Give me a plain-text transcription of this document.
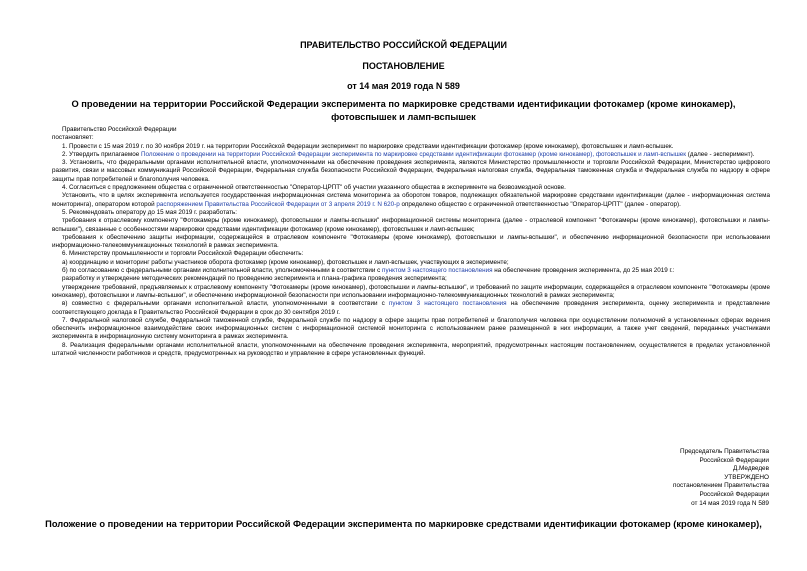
ПРАВИТЕЛЬСТВО РОССИЙСКОЙ ФЕДЕРАЦИИ
ПОСТАНОВЛЕНИЕ
от 14 мая 2019 года N 589
О проведении на территории Российской Федерации эксперимента по маркировке средствами идентификации фотокамер (кроме кинокамер), фотовспышек и ламп-вспышек

Правительство Российской Федерации

постановляет:

1. Провести с 15 мая 2019 г. по 30 ноября 2019 г. на территории Российской Федерации эксперимент по маркировке средствами идентификации фотокамер (кроме кинокамер), фотовспышек и ламп-вспышек.

2. Утвердить прилагаемое Положение о проведении на территории Российской Федерации эксперимента по маркировке средствами идентификации фотокамер (кроме кинокамер), фотовспышек и ламп-вспышек (далее - эксперимент).

3. Установить, что федеральными органами исполнительной власти, уполномоченными на обеспечение проведения эксперимента, являются Министерство промышленности и торговли Российской Федерации, Министерство цифрового развития, связи и массовых коммуникаций Российской Федерации, Федеральная служба безопасности Российской Федерации, Федеральная налоговая служба, Федеральная таможенная служба и Федеральная служба по надзору в сфере защиты прав потребителей и благополучия человека.

4. Согласиться с предложением общества с ограниченной ответственностью "Оператор-ЦРПТ" об участии указанного общества в эксперименте на безвозмездной основе.

Установить, что в целях эксперимента используется государственная информационная система мониторинга за оборотом товаров, подлежащих обязательной маркировке средствами идентификации (далее - информационная система мониторинга), оператором которой распоряжением Правительства Российской Федерации от 3 апреля 2019 г. N 620-р определено общество с ограниченной ответственностью "Оператор-ЦРПТ" (далее - оператор).

5. Рекомендовать оператору до 15 мая 2019 г. разработать:

требования к отраслевому компоненту "Фотокамеры (кроме кинокамер), фотовспышки и лампы-вспышки" информационной системы мониторинга (далее - отраслевой компонент "Фотокамеры (кроме кинокамер), фотовспышки и лампы-вспышки"), связанные с особенностями маркировки средствами идентификации фотокамер (кроме кинокамер), фотовспышек и ламп-вспышек;

требования к обеспечению защиты информации, содержащейся в отраслевом компоненте "Фотокамеры (кроме кинокамер), фотовспышки и лампы-вспышки", и обеспечению информационной безопасности при использовании информационно-телекоммуникационных технологий в рамках эксперимента.

6. Министерству промышленности и торговли Российской Федерации обеспечить:

а) координацию и мониторинг работы участников оборота фотокамер (кроме кинокамер), фотовспышек и ламп-вспышек, участвующих в эксперименте;

б) по согласованию с федеральными органами исполнительной власти, уполномоченными в соответствии с пунктом 3 настоящего постановления на обеспечение проведения эксперимента, до 25 мая 2019 г.:

разработку и утверждение методических рекомендаций по проведению эксперимента и плана-графика проведения эксперимента;

утверждение требований, предъявляемых к отраслевому компоненту "Фотокамеры (кроме кинокамер), фотовспышки и лампы-вспышки", и требований по защите информации, содержащейся в отраслевом компоненте "Фотокамеры (кроме кинокамер), фотовспышки и лампы-вспышки", и обеспечению информационной безопасности при использовании информационно-телекоммуникационных технологий в рамках эксперимента;

в) совместно с федеральными органами исполнительной власти, уполномоченными в соответствии с пунктом 3 настоящего постановления на обеспечение проведения эксперимента, оценку эксперимента и представление соответствующего доклада в Правительство Российской Федерации в срок до 30 сентября 2019 г.

7. Федеральной налоговой службе, Федеральной таможенной службе, Федеральной службе по надзору в сфере защиты прав потребителей и благополучия человека при осуществлении полномочий в установленных сферах ведения обеспечить информационное взаимодействие своих информационных систем с информационной системой мониторинга с использованием ранее размещенной в них информации, а также учет сведений, переданных участниками эксперимента в информационную систему мониторинга в рамках эксперимента.

8. Реализация федеральными органами исполнительной власти, уполномоченными на обеспечение проведения эксперимента, мероприятий, предусмотренных настоящим постановлением, осуществляется в пределах установленной штатной численности работников и средств, предусмотренных на руководство и управление в сфере установленных функций.

Председатель Правительства
Российской Федерации
Д.Медведев
УТВЕРЖДЕНО
постановлением Правительства
Российской Федерации
от 14 мая 2019 года N 589
Положение о проведении на территории Российской Федерации эксперимента по маркировке средствами идентификации фотокамер (кроме кинокамер),
